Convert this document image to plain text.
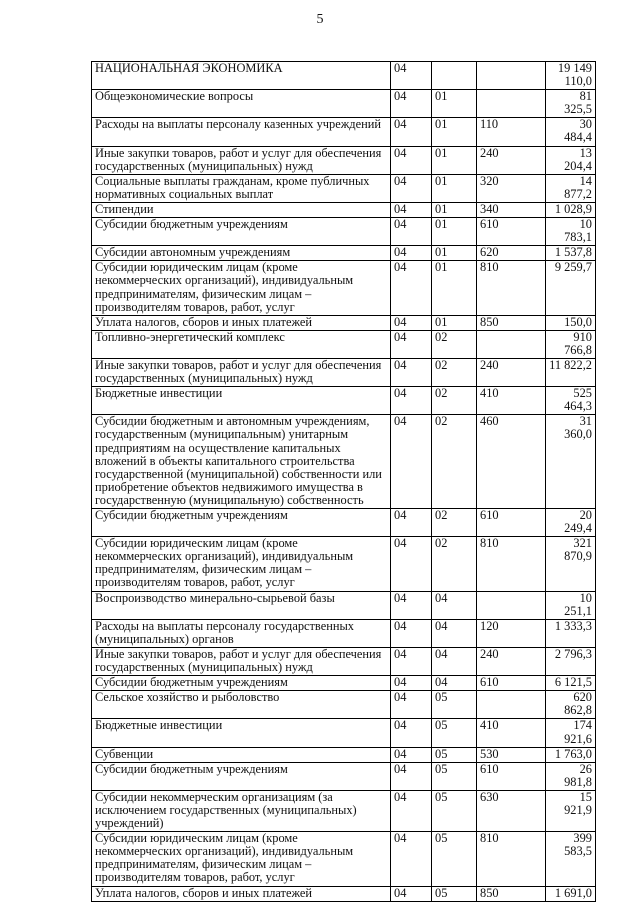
5
НАЦИОНАЛЬНАЯ ЭКОНОМИКА	04			19 149 110,0
Общеэкономические вопросы	04	01		81 325,5
Расходы на выплаты персоналу казенных учреждений	04	01	110	30 484,4
Иные закупки товаров, работ и услуг для обеспечения государственных (муниципальных) нужд	04	01	240	13 204,4
Социальные выплаты гражданам, кроме публичных нормативных социальных выплат	04	01	320	14 877,2
Стипендии	04	01	340	1 028,9
Субсидии бюджетным учреждениям	04	01	610	10 783,1
Субсидии автономным учреждениям	04	01	620	1 537,8
Субсидии юридическим лицам (кроме некоммерческих организаций), индивидуальным предпринимателям, физическим лицам – производителям товаров, работ, услуг	04	01	810	9 259,7
Уплата налогов, сборов и иных платежей	04	01	850	150,0
Топливно-энергетический комплекс	04	02		910 766,8
Иные закупки товаров, работ и услуг для обеспечения государственных (муниципальных) нужд	04	02	240	11 822,2
Бюджетные инвестиции	04	02	410	525 464,3
Субсидии бюджетным и автономным учреждениям, государственным (муниципальным) унитарным предприятиям на осуществление капитальных вложений в объекты капитального строительства государственной (муниципальной) собственности или приобретение объектов недвижимого имущества в государственную (муниципальную) собственность	04	02	460	31 360,0
Субсидии бюджетным учреждениям	04	02	610	20 249,4
Субсидии юридическим лицам (кроме некоммерческих организаций), индивидуальным предпринимателям, физическим лицам – производителям товаров, работ, услуг	04	02	810	321 870,9
Воспроизводство минерально-сырьевой базы	04	04		10 251,1
Расходы на выплаты персоналу государственных (муниципальных) органов	04	04	120	1 333,3
Иные закупки товаров, работ и услуг для обеспечения государственных (муниципальных) нужд	04	04	240	2 796,3
Субсидии бюджетным учреждениям	04	04	610	6 121,5
Сельское хозяйство и рыболовство	04	05		620 862,8
Бюджетные инвестиции	04	05	410	174 921,6
Субвенции	04	05	530	1 763,0
Субсидии бюджетным учреждениям	04	05	610	26 981,8
Субсидии некоммерческим организациям (за исключением государственных (муниципальных) учреждений)	04	05	630	15 921,9
Субсидии юридическим лицам (кроме некоммерческих организаций), индивидуальным предпринимателям, физическим лицам – производителям товаров, работ, услуг	04	05	810	399 583,5
Уплата налогов, сборов и иных платежей	04	05	850	1 691,0
